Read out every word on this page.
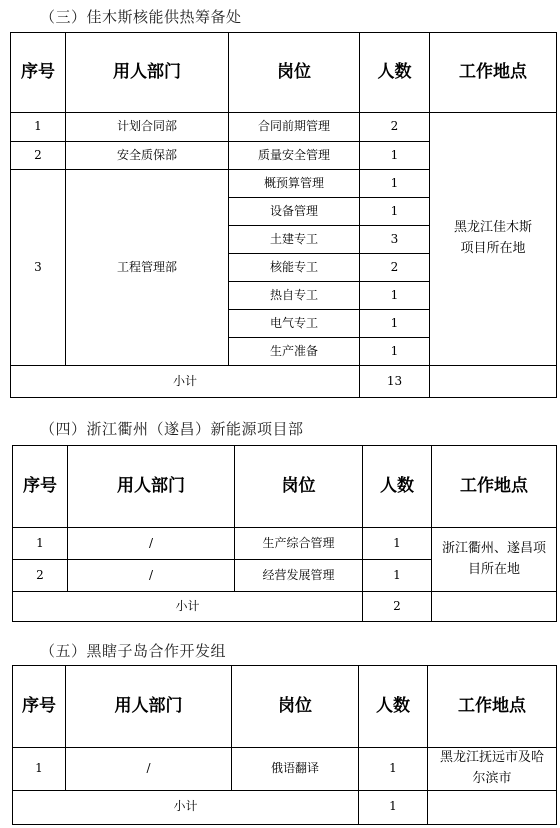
（三）佳木斯核能供热筹备处
序号	用人部门	岗位	人数	工作地点
1	计划合同部	合同前期管理	2	黑龙江佳木斯项目所在地
2	安全质保部	质量安全管理	1	
3	工程管理部	概预算管理	1	
		设备管理	1	
		土建专工	3	
		核能专工	2	
		热自专工	1	
		电气专工	1	
		生产准备	1	
小计			13	
（四）浙江衢州（遂昌）新能源项目部
序号	用人部门	岗位	人数	工作地点
1	/	生产综合管理	1	浙江衢州、遂昌项目所在地
2	/	经营发展管理	1	
小计			2	
（五）黑瞎子岛合作开发组
序号	用人部门	岗位	人数	工作地点
1	/	俄语翻译	1	黑龙江抚远市及哈尔滨市
小计			1	
